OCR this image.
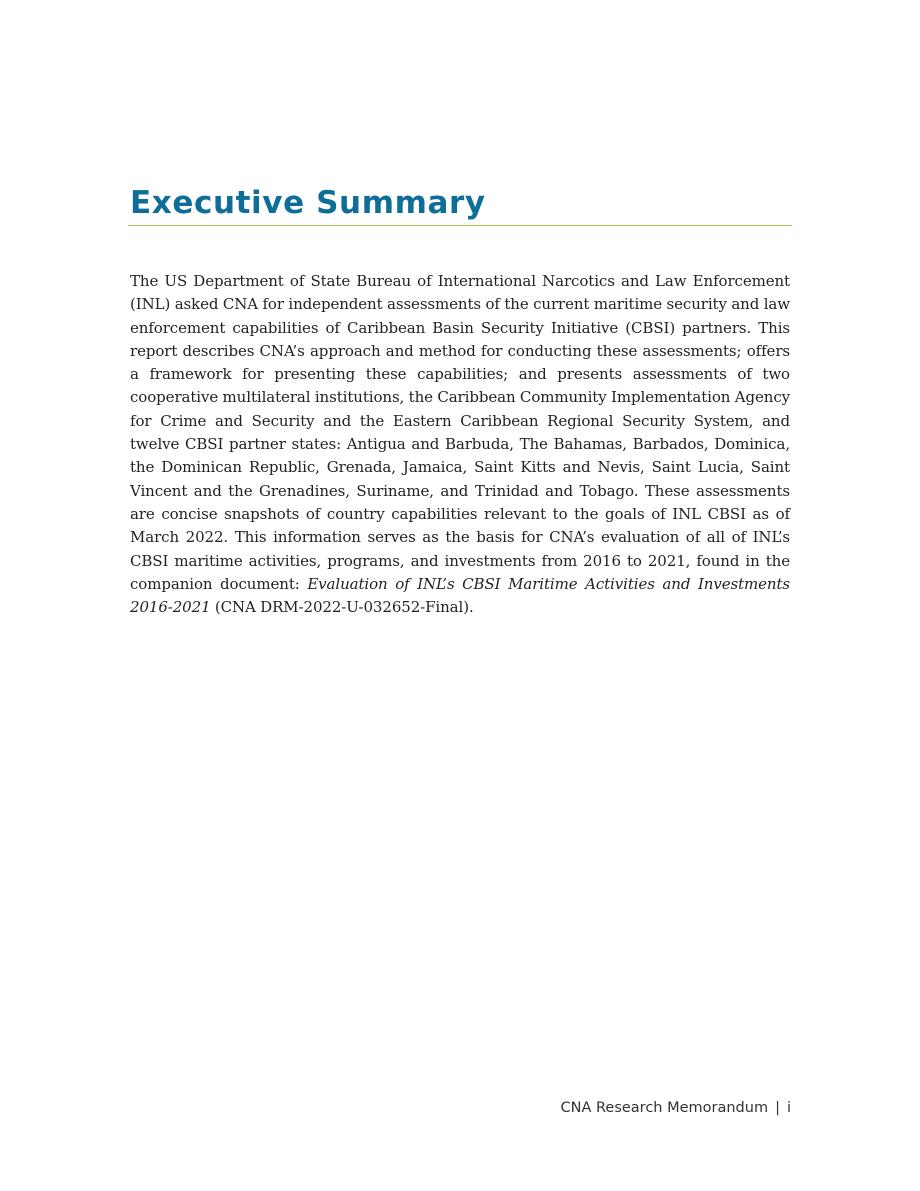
Executive Summary

The US Department of State Bureau of International Narcotics and Law Enforcement (INL) asked CNA for independent assessments of the current maritime security and law enforcement capabilities of Caribbean Basin Security Initiative (CBSI) partners. This report describes CNA’s approach and method for conducting these assessments; offers a framework for presenting these capabilities; and presents assessments of two cooperative multilateral institutions, the Caribbean Community Implementation Agency for Crime and Security and the Eastern Caribbean Regional Security System, and twelve CBSI partner states: Antigua and Barbuda, The Bahamas, Barbados, Dominica, the Dominican Republic, Grenada, Jamaica, Saint Kitts and Nevis, Saint Lucia, Saint Vincent and the Grenadines, Suriname, and Trinidad and Tobago. These assessments are concise snapshots of country capabilities relevant to the goals of INL CBSI as of March 2022. This information serves as the basis for CNA’s evaluation of all of INL’s CBSI maritime activities, programs, and investments from 2016 to 2021, found in the companion document: Evaluation of INL’s CBSI Maritime Activities and Investments 2016-2021 (CNA DRM-2022-U-032652-Final).

CNA Research Memorandum | i
